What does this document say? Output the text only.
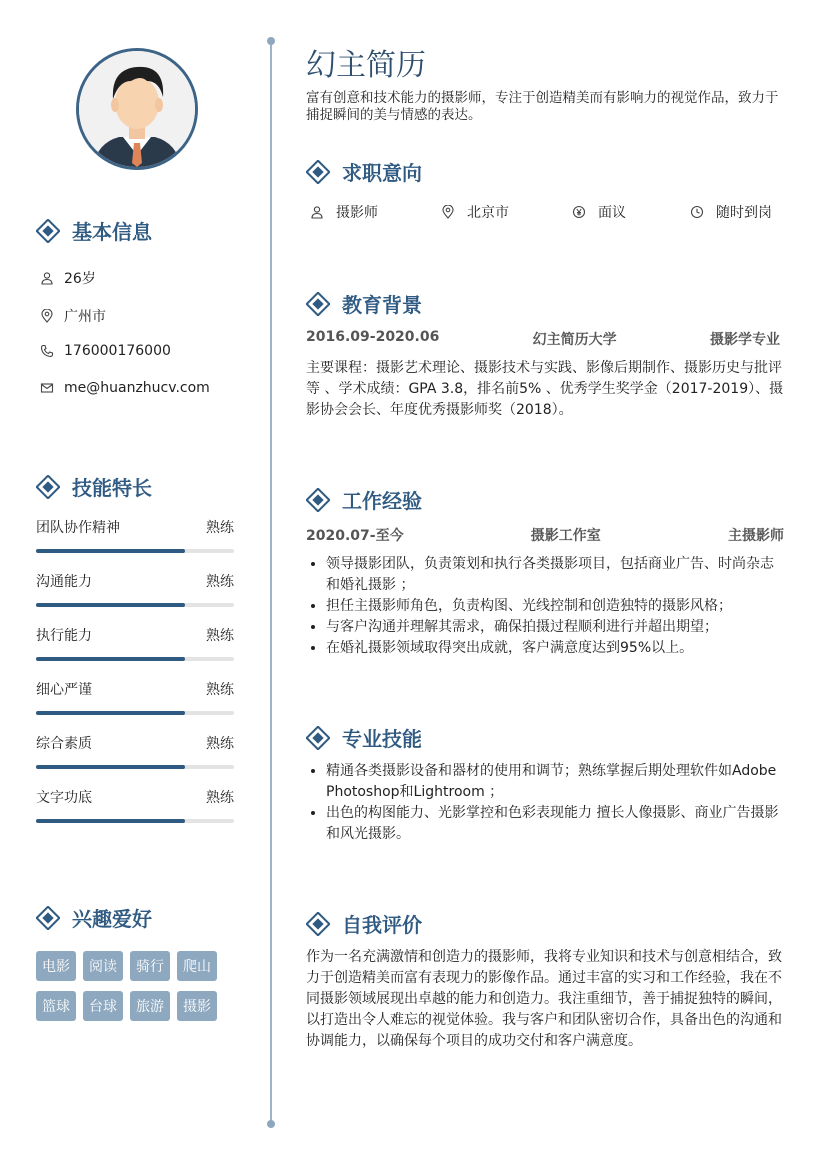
基本信息
26岁
广州市
176000176000
me@huanzhucv.com
技能特长
团队协作精神	熟练
沟通能力	熟练
执行能力	熟练
细心严谨	熟练
综合素质	熟练
文字功底	熟练
兴趣爱好
电影 阅读 骑行 爬山
篮球 台球 旅游 摄影
幻主简历
富有创意和技术能力的摄影师，专注于创造精美而有影响力的视觉作品，致力于捕捉瞬间的美与情感的表达。
求职意向
摄影师	北京市	面议	随时到岗
教育背景
2016.09-2020.06	幻主简历大学	摄影学专业
主要课程：摄影艺术理论、摄影技术与实践、影像后期制作、摄影历史与批评等 、学术成绩：GPA 3.8，排名前5% 、优秀学生奖学金（2017-2019）、摄影协会会长、年度优秀摄影师奖（2018）。
工作经验
2020.07-至今	摄影工作室	主摄影师
• 领导摄影团队，负责策划和执行各类摄影项目，包括商业广告、时尚杂志和婚礼摄影 ；
• 担任主摄影师角色，负责构图、光线控制和创造独特的摄影风格；
• 与客户沟通并理解其需求，确保拍摄过程顺利进行并超出期望；
• 在婚礼摄影领域取得突出成就，客户满意度达到95%以上。
专业技能
• 精通各类摄影设备和器材的使用和调节；熟练掌握后期处理软件如Adobe Photoshop和Lightroom ；
• 出色的构图能力、光影掌控和色彩表现能力 擅长人像摄影、商业广告摄影和风光摄影。
自我评价
作为一名充满激情和创造力的摄影师，我将专业知识和技术与创意相结合，致力于创造精美而富有表现力的影像作品。通过丰富的实习和工作经验，我在不同摄影领域展现出卓越的能力和创造力。我注重细节，善于捕捉独特的瞬间，以打造出令人难忘的视觉体验。我与客户和团队密切合作，具备出色的沟通和协调能力，以确保每个项目的成功交付和客户满意度。
